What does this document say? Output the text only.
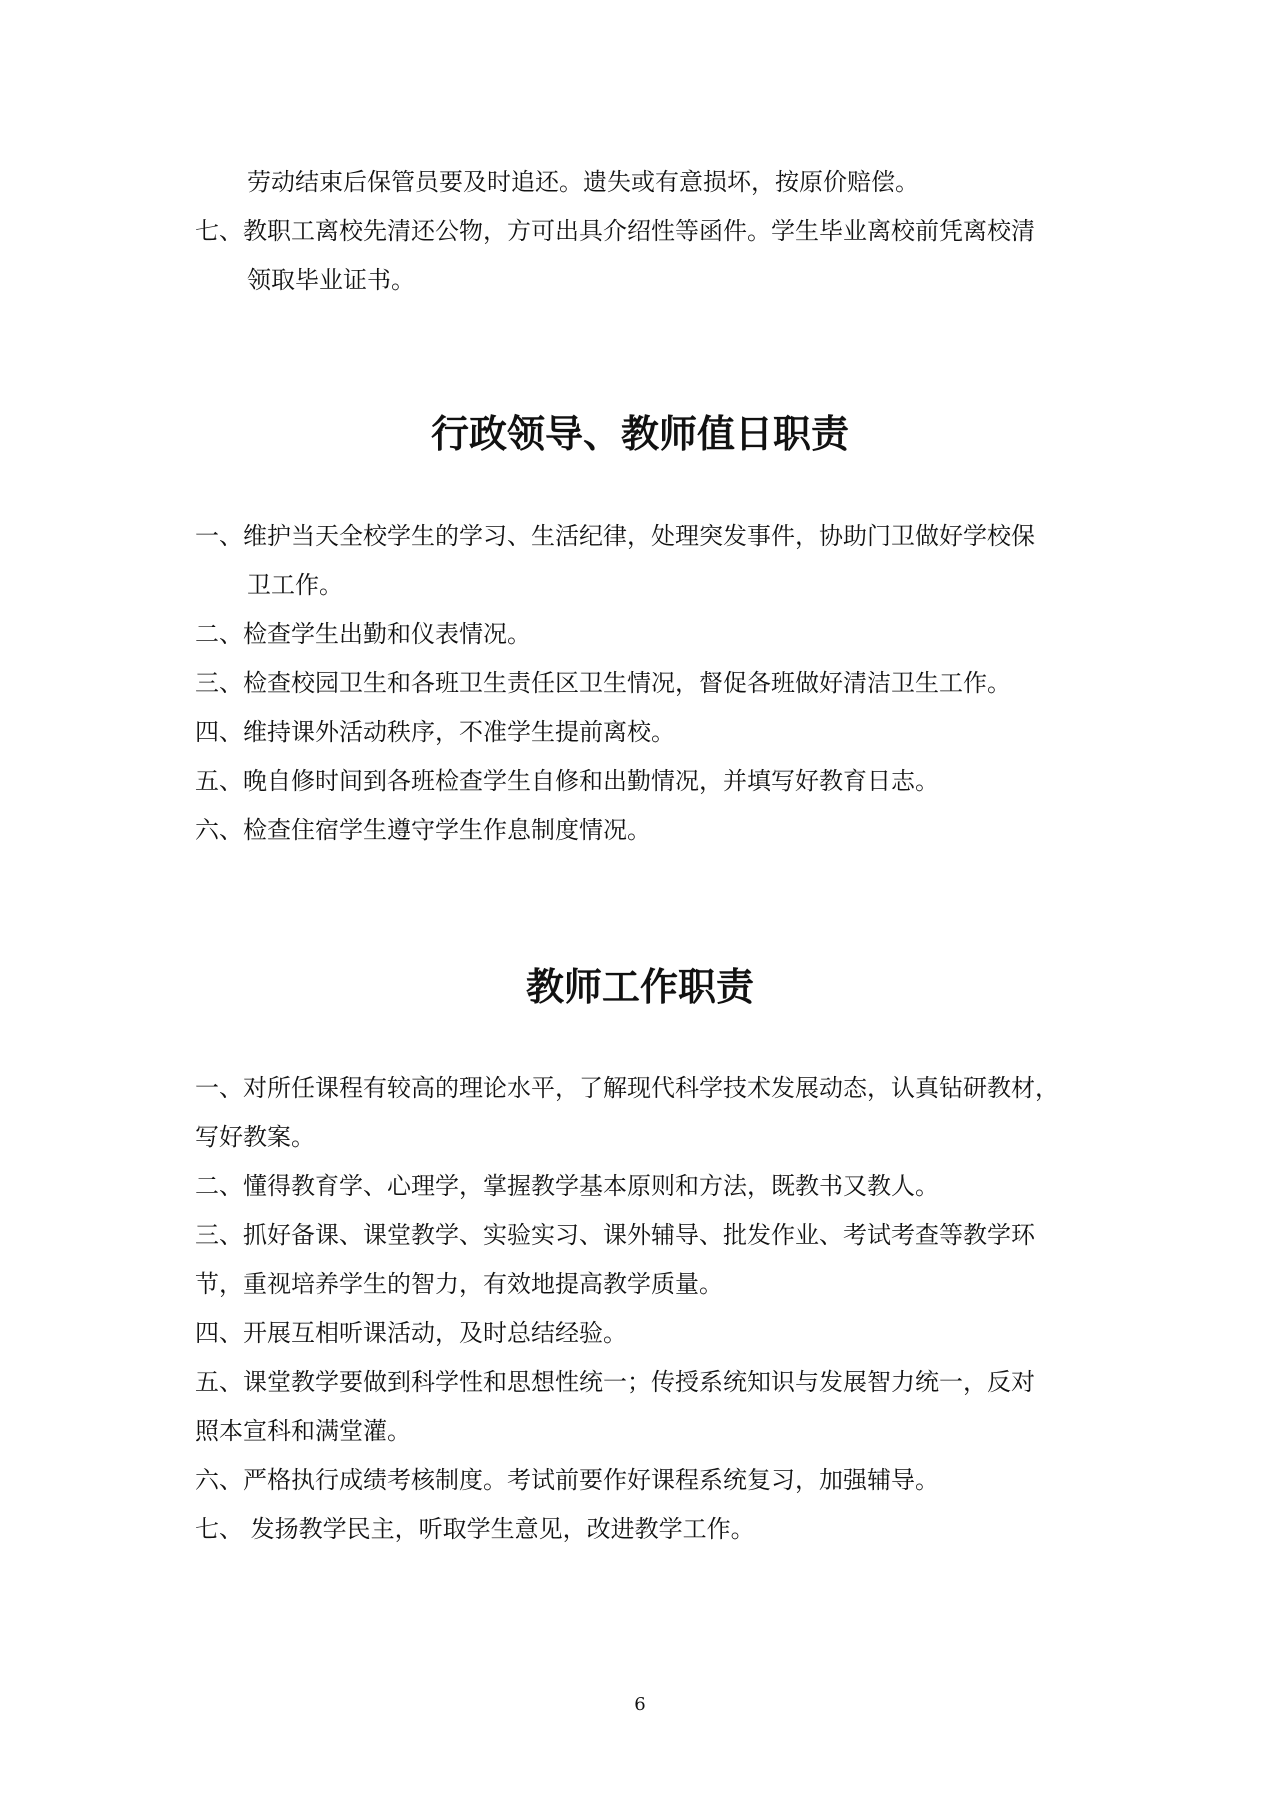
劳动结束后保管员要及时追还。遗失或有意损坏，按原价赔偿。
七、教职工离校先清还公物，方可出具介绍性等函件。学生毕业离校前凭离校清
领取毕业证书。
行政领导、教师值日职责
一、维护当天全校学生的学习、生活纪律，处理突发事件，协助门卫做好学校保
卫工作。
二、检查学生出勤和仪表情况。
三、检查校园卫生和各班卫生责任区卫生情况，督促各班做好清洁卫生工作。
四、维持课外活动秩序，不准学生提前离校。
五、晚自修时间到各班检查学生自修和出勤情况，并填写好教育日志。
六、检查住宿学生遵守学生作息制度情况。
教师工作职责
一、对所任课程有较高的理论水平，了解现代科学技术发展动态，认真钻研教材，
写好教案。
二、懂得教育学、心理学，掌握教学基本原则和方法，既教书又教人。
三、抓好备课、课堂教学、实验实习、课外辅导、批发作业、考试考查等教学环
节，重视培养学生的智力，有效地提高教学质量。
四、开展互相听课活动，及时总结经验。
五、课堂教学要做到科学性和思想性统一；传授系统知识与发展智力统一，反对
照本宣科和满堂灌。
六、严格执行成绩考核制度。考试前要作好课程系统复习，加强辅导。
七、 发扬教学民主，听取学生意见，改进教学工作。
6
